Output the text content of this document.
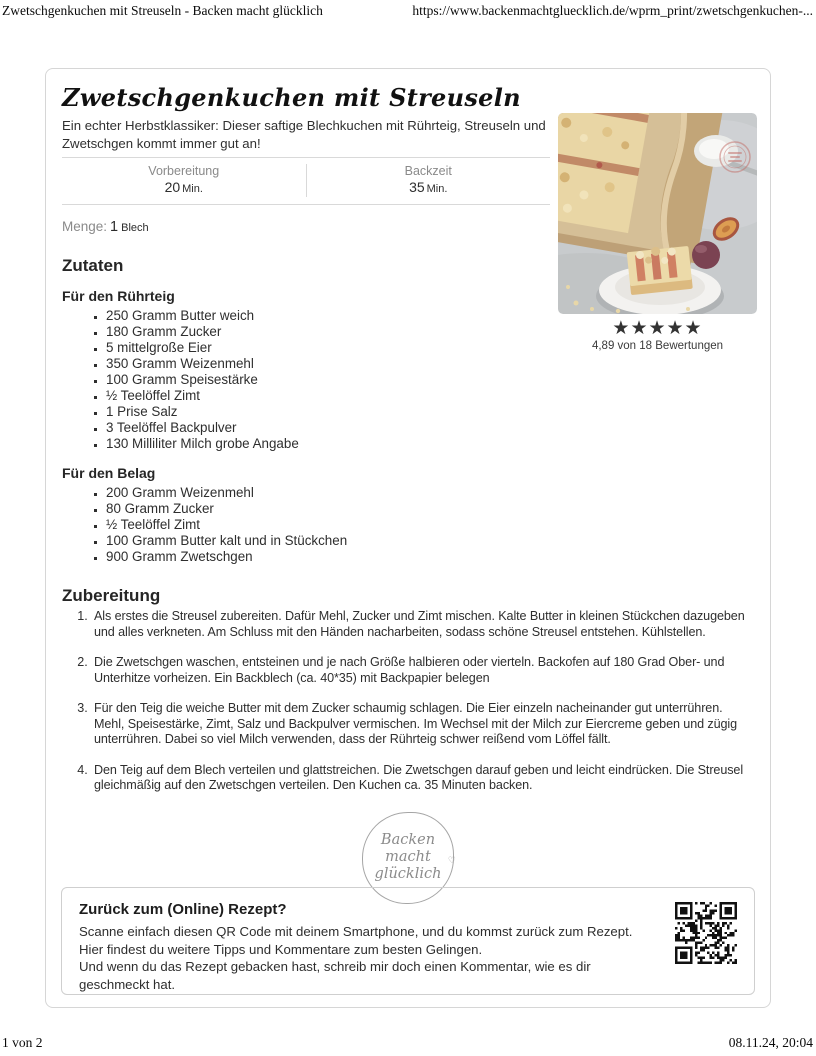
Zwetschgenkuchen mit Streuseln - Backen macht glücklich	https://www.backenmachtgluecklich.de/wprm_print/zwetschgenkuchen-...
Zwetschgenkuchen mit Streuseln

Ein echter Herbstklassiker: Dieser saftige Blechkuchen mit Rührteig, Streuseln und Zwetschgen kommt immer gut an!

Vorbereitung
20 Min.
Backzeit
35 Min.
Menge: 1 Blech
Zutaten
Für den Rührteig
▪ 250 Gramm Butter weich
▪ 180 Gramm Zucker
▪ 5 mittelgroße Eier
▪ 350 Gramm Weizenmehl
▪ 100 Gramm Speisestärke
▪ ½ Teelöffel Zimt
▪ 1 Prise Salz
▪ 3 Teelöffel Backpulver
▪ 130 Milliliter Milch grobe Angabe
Für den Belag
▪ 200 Gramm Weizenmehl
▪ 80 Gramm Zucker
▪ ½ Teelöffel Zimt
▪ 100 Gramm Butter kalt und in Stückchen
▪ 900 Gramm Zwetschgen
Zubereitung
1. Als erstes die Streusel zubereiten. Dafür Mehl, Zucker und Zimt mischen. Kalte Butter in kleinen Stückchen dazugeben und alles verkneten. Am Schluss mit den Händen nacharbeiten, sodass schöne Streusel entstehen. Kühlstellen.
2. Die Zwetschgen waschen, entsteinen und je nach Größe halbieren oder vierteln. Backofen auf 180 Grad Ober- und Unterhitze vorheizen. Ein Backblech (ca. 40*35) mit Backpapier belegen
3. Für den Teig die weiche Butter mit dem Zucker schaumig schlagen. Die Eier einzeln nacheinander gut unterrühren. Mehl, Speisestärke, Zimt, Salz und Backpulver vermischen. Im Wechsel mit der Milch zur Eiercreme geben und zügig unterrühren. Dabei so viel Milch verwenden, dass der Rührteig schwer reißend vom Löffel fällt.
4. Den Teig auf dem Blech verteilen und glattstreichen. Die Zwetschgen darauf geben und leicht eindrücken. Die Streusel gleichmäßig auf den Zwetschgen verteilen. Den Kuchen ca. 35 Minuten backen.
♡
Backen
macht
glücklich
Zurück zum (Online) Rezept?

Scanne einfach diesen QR Code mit deinem Smartphone, und du kommst zurück zum Rezept.

Hier findest du weitere Tipps und Kommentare zum besten Gelingen.

Und wenn du das Rezept gebacken hast, schreib mir doch einen Kommentar, wie es dir geschmeckt hat.

★★★★★
4,89 von 18 Bewertungen
1 von 2	08.11.24, 20:04
